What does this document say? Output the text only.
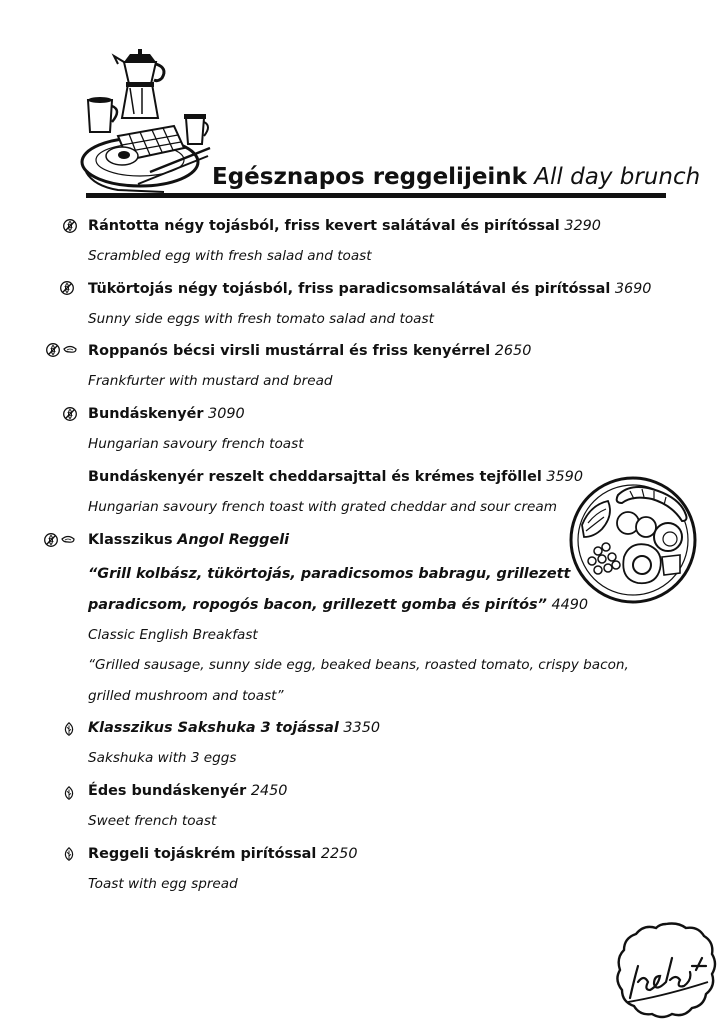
Egésznapos reggelijeink All day brunch
Rántotta négy tojásból, friss kevert salátával és pirítóssal 3290
Scrambled egg with fresh salad and toast
Tükörtojás négy tojásból, friss paradicsomsalátával és pirítóssal 3690
Sunny side eggs with fresh tomato salad and toast
Roppanós bécsi virsli mustárral és friss kenyérrel 2650
Frankfurter with mustard and bread
Bundáskenyér 3090
Hungarian savoury french toast
Bundáskenyér reszelt cheddarsajttal és krémes tejföllel 3590
Hungarian savoury french toast with grated cheddar and sour cream
Klasszikus Angol Reggeli
“Grill kolbász, tükörtojás, paradicsomos babragu, grillezett
paradicsom, ropogós bacon, grillezett gomba és pirítós” 4490
Classic English Breakfast
“Grilled sausage, sunny side egg, beaked beans, roasted tomato, crispy bacon,
grilled mushroom and toast”
Klasszikus Sakshuka 3 tojással 3350
Sakshuka with 3 eggs
Édes bundáskenyér 2450
Sweet french toast
Reggeli tojáskrém pirítóssal 2250
Toast with egg spread
